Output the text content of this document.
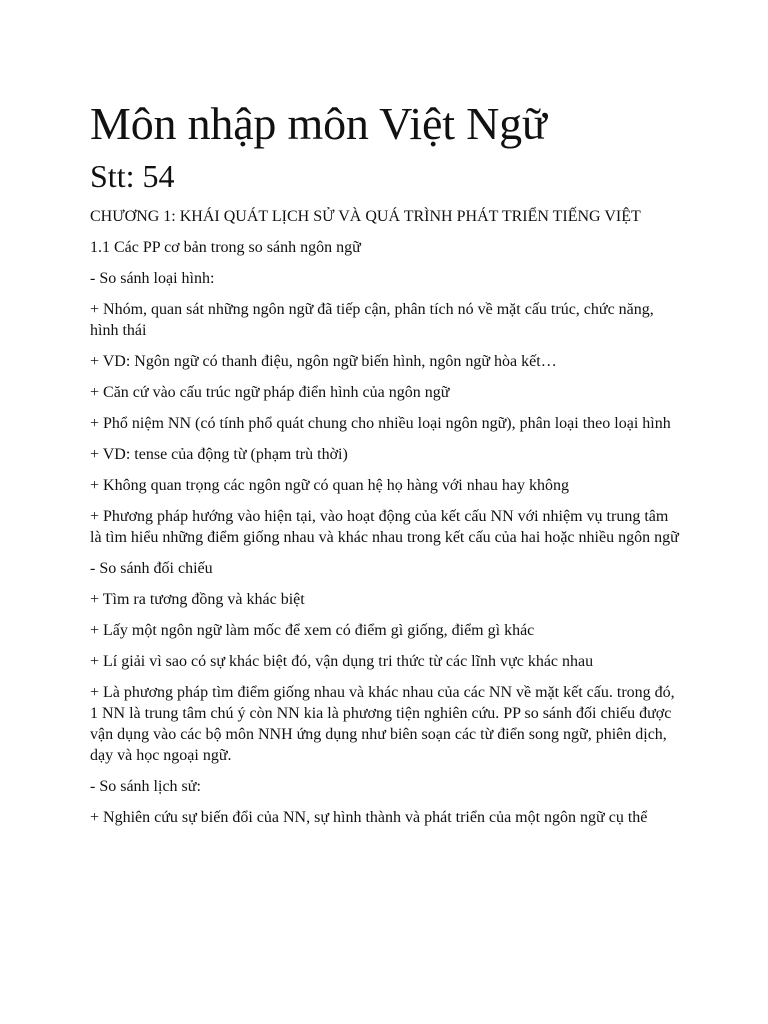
Môn nhập môn Việt Ngữ
Stt: 54

CHƯƠNG 1: KHÁI QUÁT LỊCH SỬ VÀ QUÁ TRÌNH PHÁT TRIỂN TIẾNG VIỆT

1.1 Các PP cơ bản trong so sánh ngôn ngữ

- So sánh loại hình:

+ Nhóm, quan sát những ngôn ngữ đã tiếp cận, phân tích nó về mặt cấu trúc, chức năng, hình thái

+ VD: Ngôn ngữ có thanh điệu, ngôn ngữ biến hình, ngôn ngữ hòa kết…

+ Căn cứ vào cấu trúc ngữ pháp điển hình của ngôn ngữ

+ Phổ niệm NN (có tính phổ quát chung cho nhiều loại ngôn ngữ), phân loại theo loại hình

+ VD: tense của động từ (phạm trù thời)

+ Không quan trọng các ngôn ngữ có quan hệ họ hàng với nhau hay không

+ Phương pháp hướng vào hiện tại, vào hoạt động của kết cấu NN với nhiệm vụ trung tâm là tìm hiểu những điểm giống nhau và khác nhau trong kết cấu của hai hoặc nhiều ngôn ngữ

- So sánh đối chiếu

+ Tìm ra tương đồng và khác biệt

+ Lấy một ngôn ngữ làm mốc để xem có điểm gì giống, điểm gì khác

+ Lí giải vì sao có sự khác biệt đó, vận dụng tri thức từ các lĩnh vực khác nhau

+ Là phương pháp tìm điểm giống nhau và khác nhau của các NN về mặt kết cấu. trong đó, 1 NN là trung tâm chú ý còn NN kia là phương tiện nghiên cứu. PP so sánh đối chiếu được vận dụng vào các bộ môn NNH ứng dụng như biên soạn các từ điển song ngữ, phiên dịch, dạy và học ngoại ngữ.

- So sánh lịch sử:

+ Nghiên cứu sự biến đổi của NN, sự hình thành và phát triển của một ngôn ngữ cụ thể
